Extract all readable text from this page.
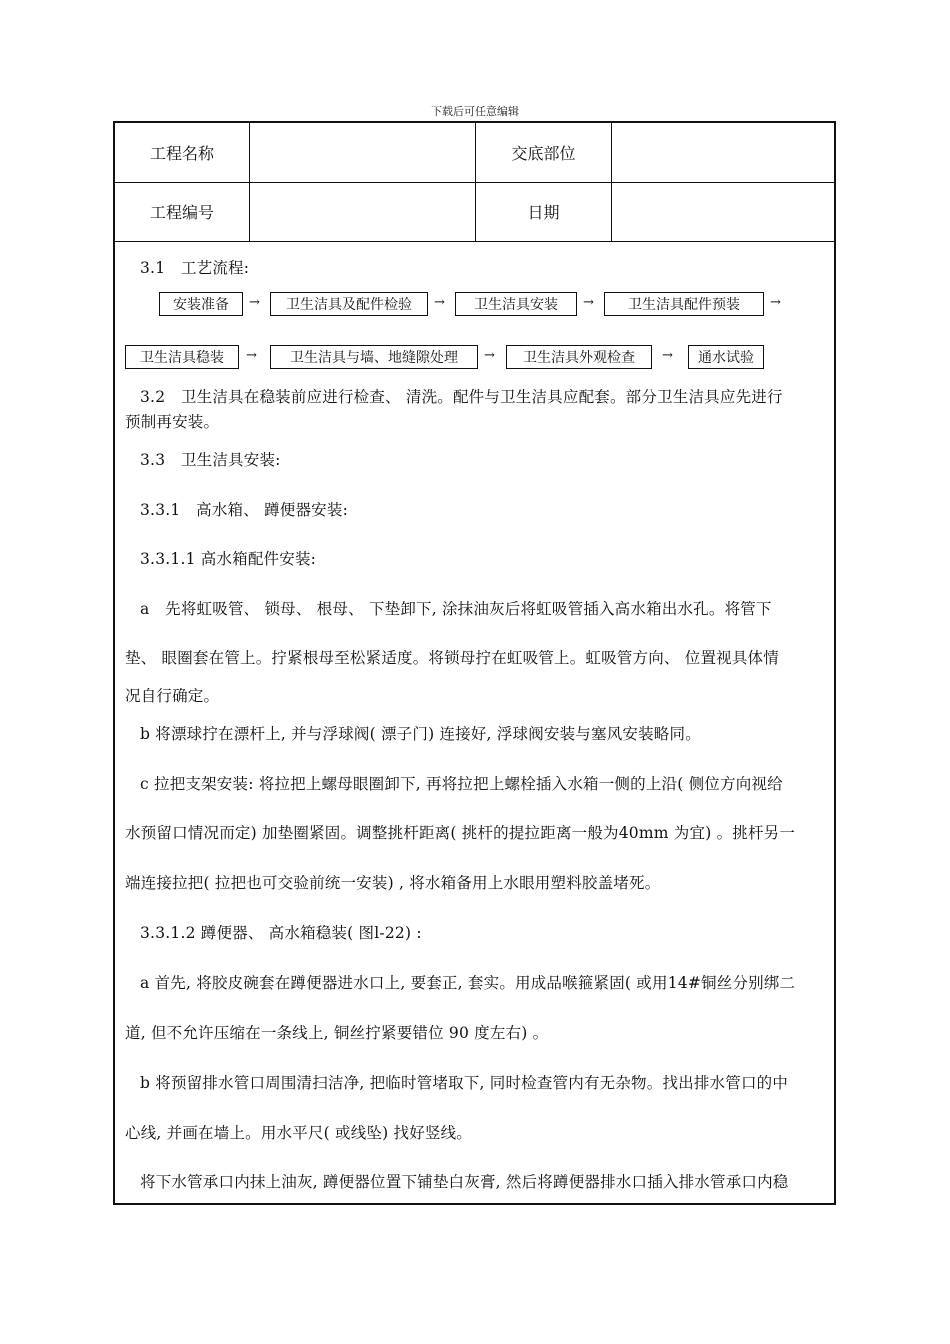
下载后可任意编辑
工程名称	交底部位
工程编号	日期
3.1　工艺流程:
安装准备	→	卫生洁具及配件检验	→	卫生洁具安装	→	卫生洁具配件预装	→
卫生洁具稳装	→	卫生洁具与墙、地缝隙处理	→	卫生洁具外观检查	→	通水试验
3.2　卫生洁具在稳装前应进行检查、 清洗。配件与卫生洁具应配套。部分卫生洁具应先进行
预制再安装。
3.3　卫生洁具安装:
3.3.1　高水箱、 蹲便器安装:
3.3.1.1 高水箱配件安装:
a　先将虹吸管、 锁母、 根母、 下垫卸下, 涂抹油灰后将虹吸管插入高水箱出水孔。将管下
垫、 眼圈套在管上。拧紧根母至松紧适度。将锁母拧在虹吸管上。虹吸管方向、 位置视具体情
况自行确定。
b 将漂球拧在漂杆上, 并与浮球阀( 漂子门) 连接好, 浮球阀安装与塞风安装略同。
c 拉把支架安装: 将拉把上螺母眼圈卸下, 再将拉把上螺栓插入水箱一侧的上沿( 侧位方向视给
水预留口情况而定) 加垫圈紧固。调整挑杆距离( 挑杆的提拉距离一般为40mm 为宜) 。挑杆另一
端连接拉把( 拉把也可交验前统一安装) , 将水箱备用上水眼用塑料胶盖堵死。
3.3.1.2 蹲便器、 高水箱稳装( 图l-22) :
a 首先, 将胶皮碗套在蹲便器进水口上, 要套正, 套实。用成品喉箍紧固( 或用14#铜丝分别绑二
道, 但不允许压缩在一条线上, 铜丝拧紧要错位 90 度左右) 。
b 将预留排水管口周围清扫洁净, 把临时管堵取下, 同时检查管内有无杂物。找出排水管口的中
心线, 并画在墙上。用水平尺( 或线坠) 找好竖线。
将下水管承口内抹上油灰, 蹲便器位置下铺垫白灰膏, 然后将蹲便器排水口插入排水管承口内稳
